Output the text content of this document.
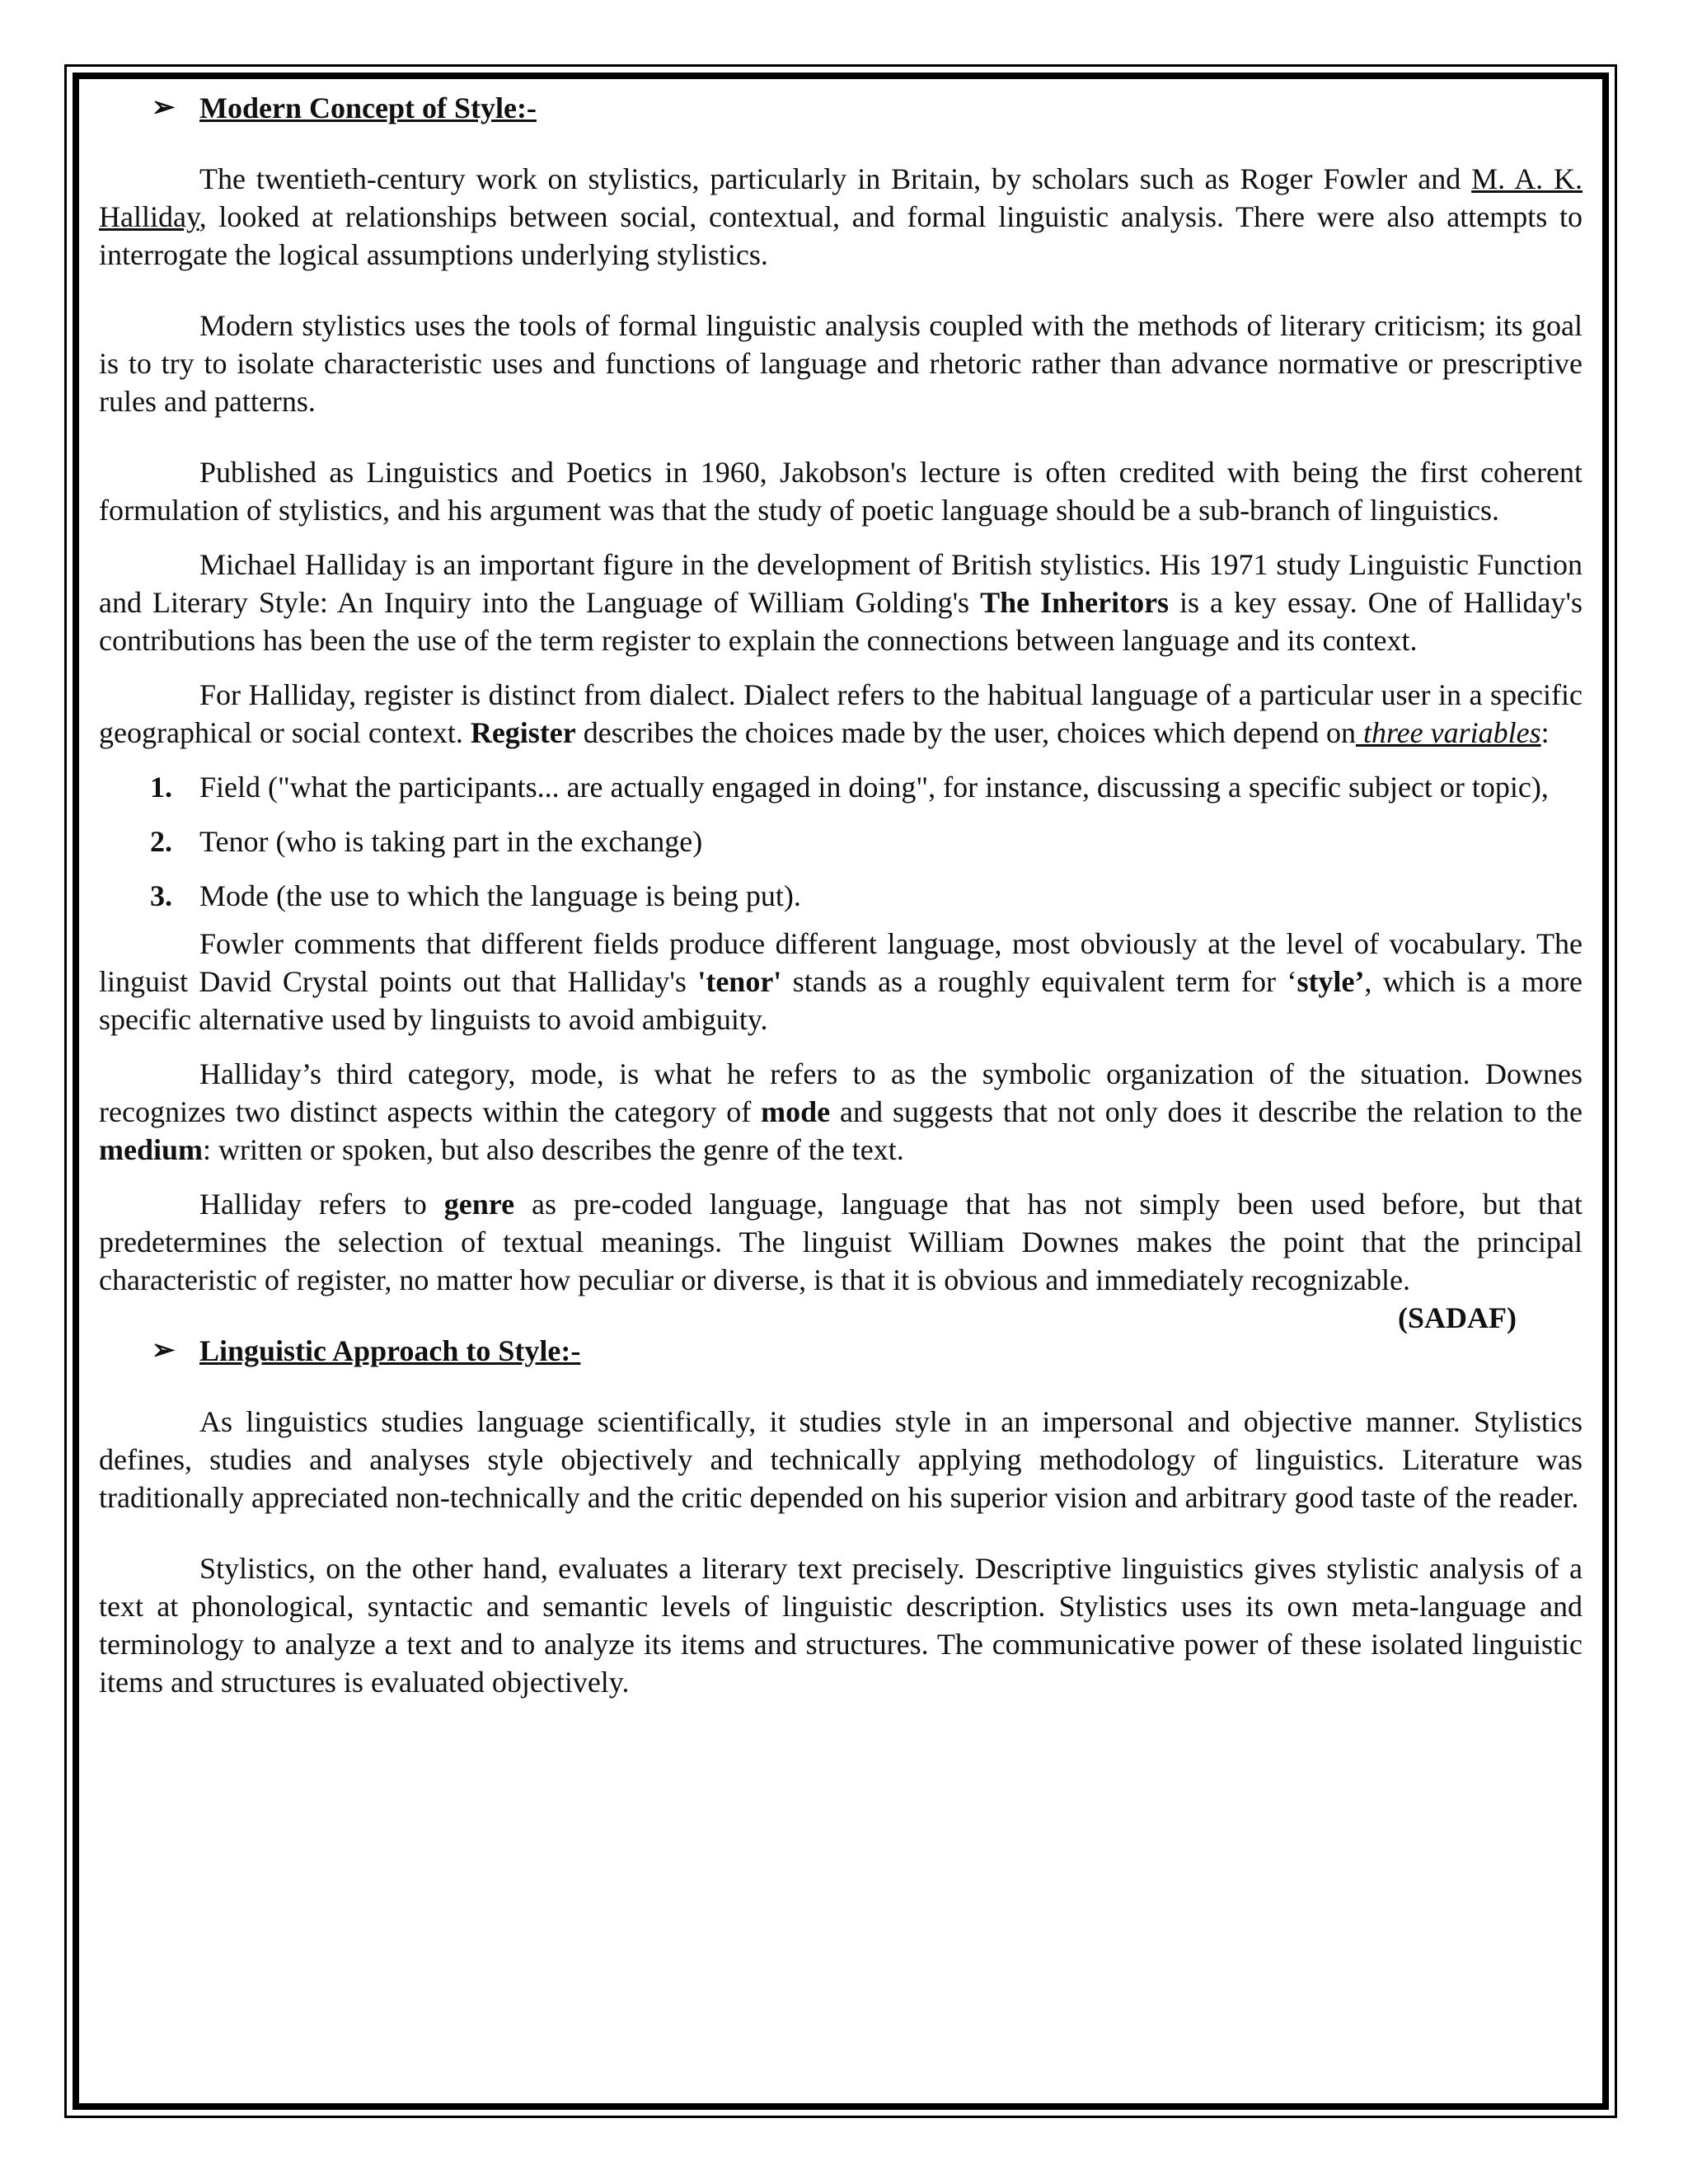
➢ Modern Concept of Style:-

The twentieth-century work on stylistics, particularly in Britain, by scholars such as Roger Fowler and M. A. K. Halliday, looked at relationships between social, contextual, and formal linguistic analysis. There were also attempts to interrogate the logical assumptions underlying stylistics.

Modern stylistics uses the tools of formal linguistic analysis coupled with the methods of literary criticism; its goal is to try to isolate characteristic uses and functions of language and rhetoric rather than advance normative or prescriptive rules and patterns.

Published as Linguistics and Poetics in 1960, Jakobson's lecture is often credited with being the first coherent formulation of stylistics, and his argument was that the study of poetic language should be a sub-branch of linguistics.

Michael Halliday is an important figure in the development of British stylistics. His 1971 study Linguistic Function and Literary Style: An Inquiry into the Language of William Golding's The Inheritors is a key essay. One of Halliday's contributions has been the use of the term register to explain the connections between language and its context.

For Halliday, register is distinct from dialect. Dialect refers to the habitual language of a particular user in a specific geographical or social context. Register describes the choices made by the user, choices which depend on three variables:

1. Field ("what the participants... are actually engaged in doing", for instance, discussing a specific subject or topic),
2. Tenor (who is taking part in the exchange)
3. Mode (the use to which the language is being put).

Fowler comments that different fields produce different language, most obviously at the level of vocabulary. The linguist David Crystal points out that Halliday's 'tenor' stands as a roughly equivalent term for ‘style’, which is a more specific alternative used by linguists to avoid ambiguity.

Halliday’s third category, mode, is what he refers to as the symbolic organization of the situation. Downes recognizes two distinct aspects within the category of mode and suggests that not only does it describe the relation to the medium: written or spoken, but also describes the genre of the text.

Halliday refers to genre as pre-coded language, language that has not simply been used before, but that predetermines the selection of textual meanings. The linguist William Downes makes the point that the principal characteristic of register, no matter how peculiar or diverse, is that it is obvious and immediately recognizable.
(SADAF)

➢ Linguistic Approach to Style:-

As linguistics studies language scientifically, it studies style in an impersonal and objective manner. Stylistics defines, studies and analyses style objectively and technically applying methodology of linguistics. Literature was traditionally appreciated non-technically and the critic depended on his superior vision and arbitrary good taste of the reader.

Stylistics, on the other hand, evaluates a literary text precisely. Descriptive linguistics gives stylistic analysis of a text at phonological, syntactic and semantic levels of linguistic description. Stylistics uses its own meta-language and terminology to analyze a text and to analyze its items and structures. The communicative power of these isolated linguistic items and structures is evaluated objectively.
